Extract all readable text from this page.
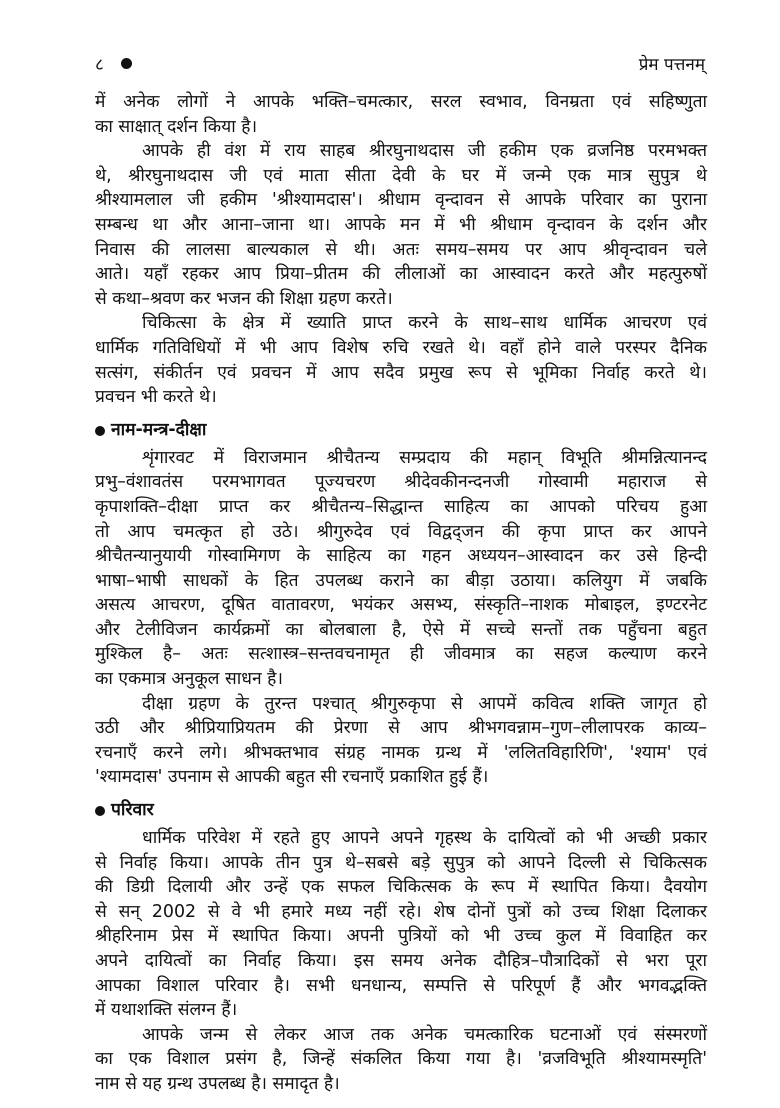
८	प्रेम पत्तनम्
में अनेक लोगों ने आपके भक्ति–चमत्कार, सरल स्वभाव, विनम्रता एवं सहिष्णुता
का साक्षात् दर्शन किया है।
आपके ही वंश में राय साहब श्रीरघुनाथदास जी हकीम एक व्रजनिष्ठ परमभक्त
थे, श्रीरघुनाथदास जी एवं माता सीता देवी के घर में जन्मे एक मात्र सुपुत्र थे
श्रीश्यामलाल जी हकीम 'श्रीश्यामदास'। श्रीधाम वृन्दावन से आपके परिवार का पुराना
सम्बन्ध था और आना–जाना था। आपके मन में भी श्रीधाम वृन्दावन के दर्शन और
निवास की लालसा बाल्यकाल से थी। अतः समय–समय पर आप श्रीवृन्दावन चले
आते। यहाँ रहकर आप प्रिया–प्रीतम की लीलाओं का आस्वादन करते और महत्पुरुषों
से कथा–श्रवण कर भजन की शिक्षा ग्रहण करते।
चिकित्सा के क्षेत्र में ख्याति प्राप्त करने के साथ–साथ धार्मिक आचरण एवं
धार्मिक गतिविधियों में भी आप विशेष रुचि रखते थे। वहाँ होने वाले परस्पर दैनिक
सत्संग, संकीर्तन एवं प्रवचन में आप सदैव प्रमुख रूप से भूमिका निर्वाह करते थे।
प्रवचन भी करते थे।
नाम-मन्त्र-दीक्षा
शृंगारवट में विराजमान श्रीचैतन्य सम्प्रदाय की महान् विभूति श्रीमन्नित्यानन्द
प्रभु–वंशावतंस परमभागवत पूज्यचरण श्रीदेवकीनन्दनजी गोस्वामी महाराज से
कृपाशक्ति–दीक्षा प्राप्त कर श्रीचैतन्य–सिद्धान्त साहित्य का आपको परिचय हुआ
तो आप चमत्कृत हो उठे। श्रीगुरुदेव एवं विद्वद्जन की कृपा प्राप्त कर आपने
श्रीचैतन्यानुयायी गोस्वामिगण के साहित्य का गहन अध्ययन–आस्वादन कर उसे हिन्दी
भाषा–भाषी साधकों के हित उपलब्ध कराने का बीड़ा उठाया। कलियुग में जबकि
असत्य आचरण, दूषित वातावरण, भयंकर असभ्य, संस्कृति–नाशक मोबाइल, इण्टरनेट
और टेलीविजन कार्यक्रमों का बोलबाला है, ऐसे में सच्चे सन्तों तक पहुँचना बहुत
मुश्किल है– अतः सत्शास्त्र–सन्तवचनामृत ही जीवमात्र का सहज कल्याण करने
का एकमात्र अनुकूल साधन है।
दीक्षा ग्रहण के तुरन्त पश्चात् श्रीगुरुकृपा से आपमें कवित्व शक्ति जागृत हो
उठी और श्रीप्रियाप्रियतम की प्रेरणा से आप श्रीभगवन्नाम–गुण–लीलापरक काव्य–
रचनाएँ करने लगे। श्रीभक्तभाव संग्रह नामक ग्रन्थ में 'ललितविहारिणि', 'श्याम' एवं
'श्यामदास' उपनाम से आपकी बहुत सी रचनाएँ प्रकाशित हुई हैं।
परिवार
धार्मिक परिवेश में रहते हुए आपने अपने गृहस्थ के दायित्वों को भी अच्छी प्रकार
से निर्वाह किया। आपके तीन पुत्र थे–सबसे बड़े सुपुत्र को आपने दिल्ली से चिकित्सक
की डिग्री दिलायी और उन्हें एक सफल चिकित्सक के रूप में स्थापित किया। दैवयोग
से सन् 2002 से वे भी हमारे मध्य नहीं रहे। शेष दोनों पुत्रों को उच्च शिक्षा दिलाकर
श्रीहरिनाम प्रेस में स्थापित किया। अपनी पुत्रियों को भी उच्च कुल में विवाहित कर
अपने दायित्वों का निर्वाह किया। इस समय अनेक दौहित्र–पौत्रादिकों से भरा पूरा
आपका विशाल परिवार है। सभी धनधान्य, सम्पत्ति से परिपूर्ण हैं और भगवद्भक्ति
में यथाशक्ति संलग्न हैं।
आपके जन्म से लेकर आज तक अनेक चमत्कारिक घटनाओं एवं संस्मरणों
का एक विशाल प्रसंग है, जिन्हें संकलित किया गया है। 'व्रजविभूति श्रीश्यामस्मृति'
नाम से यह ग्रन्थ उपलब्ध है। समादृत है।
